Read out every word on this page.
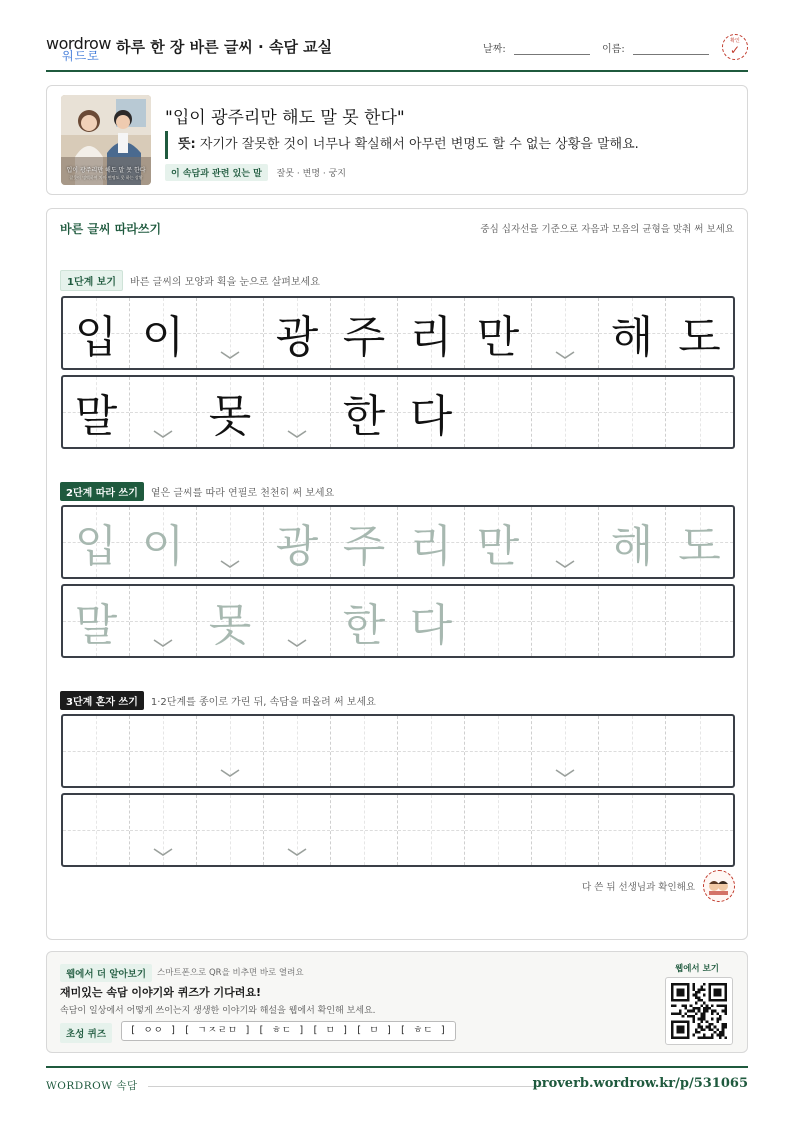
wordrow
워드로 하루 한 장 바른 글씨 · 속담 교실	날짜:	이름:
확인
✓
입이 광주리만 해도 말 못 한다
잘못이 명백하여 차마 변명도 못 하는 상황
"입이 광주리만 해도 말 못 한다"
뜻: 자기가 잘못한 것이 너무나 확실해서 아무런 변명도 할 수 없는 상황을 말해요.
이 속담과 관련 있는 말 잘못 · 변명 · 궁지
바른 글씨 따라쓰기	중심 십자선을 기준으로 자음과 모음의 균형을 맞춰 써 보세요
1단계 보기	바른 글씨의 모양과 획을 눈으로 살펴보세요
입 이 광 주 리 만 해 도
말 못 한 다
2단계 따라 쓰기	옅은 글씨를 따라 연필로 천천히 써 보세요
입 이 광 주 리 만 해 도
말 못 한 다
3단계 혼자 쓰기	1·2단계를 종이로 가린 뒤, 속담을 떠올려 써 보세요
다 쓴 뒤 선생님과 확인해요
웹에서 더 알아보기	스마트폰으로 QR을 비추면 바로 열려요
재미있는 속담 이야기와 퀴즈가 기다려요!
속담이 일상에서 어떻게 쓰이는지 생생한 이야기와 해설을 웹에서 확인해 보세요.
초성 퀴즈	[ ㅇㅇ ] [ ㄱㅈㄹㅁ ] [ ㅎㄷ ] [ ㅁ ] [ ㅁ ] [ ㅎㄷ ]
웹에서 보기
WORDROW 속담	proverb.wordrow.kr/p/531065
